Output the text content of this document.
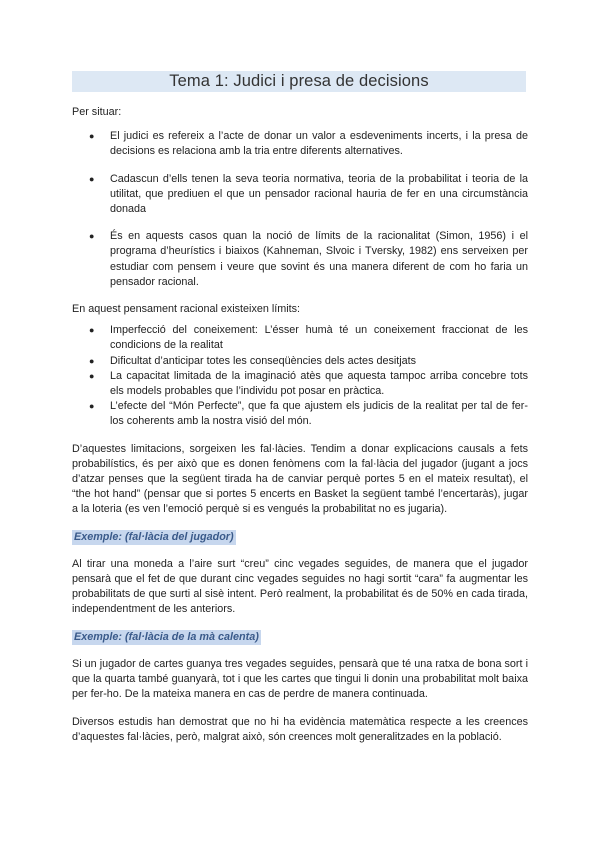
Tema 1: Judici i presa de decisions

Per situar:

● El judici es refereix a l’acte de donar un valor a esdeveniments incerts, i la presa de decisions es relaciona amb la tria entre diferents alternatives.
● Cadascun d’ells tenen la seva teoria normativa, teoria de la probabilitat i teoria de la utilitat, que prediuen el que un pensador racional hauria de fer en una circumstància donada
● És en aquests casos quan la noció de límits de la racionalitat (Simon, 1956) i el programa d’heurístics i biaixos (Kahneman, Slvoic i Tversky, 1982) ens serveixen per estudiar com pensem i veure que sovint és una manera diferent de com ho faria un pensador racional.

En aquest pensament racional existeixen límits:

● Imperfecció del coneixement: L’ésser humà té un coneixement fraccionat de les condicions de la realitat
● Dificultat d’anticipar totes les conseqüències dels actes desitjats
● La capacitat limitada de la imaginació atès que aquesta tampoc arriba concebre tots els models probables que l’individu pot posar en pràctica.
● L’efecte del “Món Perfecte”, que fa que ajustem els judicis de la realitat per tal de fer-los coherents amb la nostra visió del món.

D’aquestes limitacions, sorgeixen les fal·làcies. Tendim a donar explicacions causals a fets probabilístics, és per això que es donen fenòmens com la fal·làcia del jugador (jugant a jocs d’atzar penses que la següent tirada ha de canviar perquè portes 5 en el mateix resultat), el “the hot hand” (pensar que si portes 5 encerts en Basket la següent també l’encertaràs), jugar a la loteria (es ven l’emoció perquè si es vengués la probabilitat no es jugaria).

Exemple: (fal·làcia del jugador)

Al tirar una moneda a l’aire surt “creu” cinc vegades seguides, de manera que el jugador pensarà que el fet de que durant cinc vegades seguides no hagi sortit “cara” fa augmentar les probabilitats de que surti al sisè intent. Però realment, la probabilitat és de 50% en cada tirada, independentment de les anteriors.

Exemple: (fal·làcia de la mà calenta)

Si un jugador de cartes guanya tres vegades seguides, pensarà que té una ratxa de bona sort i que la quarta també guanyarà, tot i que les cartes que tingui li donin una probabilitat molt baixa per fer-ho. De la mateixa manera en cas de perdre de manera continuada.

Diversos estudis han demostrat que no hi ha evidència matemàtica respecte a les creences d’aquestes fal·làcies, però, malgrat això, són creences molt generalitzades en la població.
